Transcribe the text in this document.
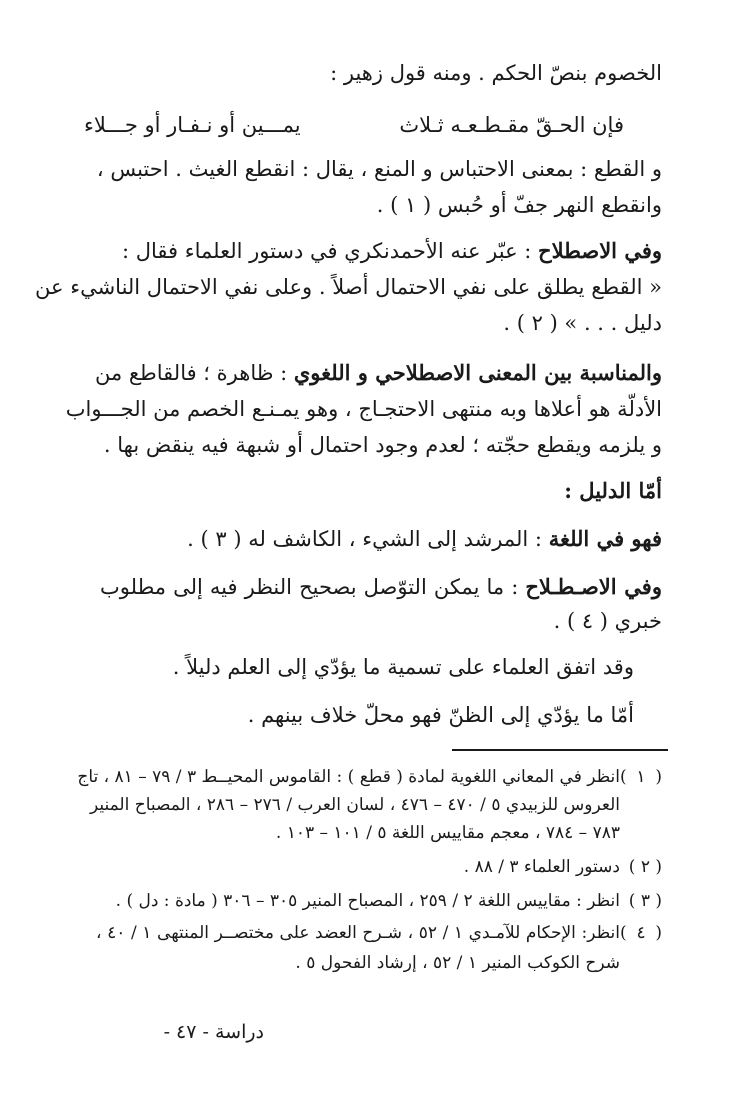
الخصوم بنصّ الحكم . ومنه قول زهير :
فإن الحـقّ مقـطـعـه ثـلاث
يمـــين أو نـفـار أو جـــلاء
و القطع : بمعنى الاحتباس و المنع ، يقال : انقطع الغيث . احتبس ،
وانقطع النهر جفّ أو حُبس ( ١ ) .
وفي الاصطلاح : عبّر عنه الأحمدنكري في دستور العلماء فقال :
« القطع يطلق على نفي الاحتمال أصلاً . وعلى نفي الاحتمال الناشيء عن
دليل . . . » ( ٢ ) .
والمناسبة بين المعنى الاصطلاحي و اللغوي : ظاهرة ؛ فالقاطع من
الأدلّة هو أعلاها وبه منتهى الاحتجـاج ، وهو يمـنـع الخصم من الجـــواب
و يلزمه ويقطع حجّته ؛ لعدم وجود احتمال أو شبهة فيه ينقض بها .
أمّا الدليل :
فهو في اللغة : المرشد إلى الشيء ، الكاشف له ( ٣ ) .
وفي الاصـطـلاح : ما يمكن التوّصل بصحيح النظر فيه إلى مطلوب
خبري ( ٤ ) .
وقد اتفق العلماء على تسمية ما يؤدّي إلى العلم دليلاً .
أمّا ما يؤدّي إلى الظنّ فهو محلّ خلاف بينهم .
( ١ )انظر في المعاني اللغوية لمادة ( قطع ) : القاموس المحيــط ٣ / ٧٩ – ٨١ ، تاج
العروس للزبيدي ٥ / ٤٧٠ – ٤٧٦ ، لسان العرب / ٢٧٦ – ٢٨٦ ، المصباح المنير
٧٨٣ – ٧٨٤ ، معجم مقاييس اللغة ٥ / ١٠١ – ١٠٣ .
( ٢ )دستور العلماء ٣ / ٨٨ .
( ٣ )انظر : مقاييس اللغة ٢ / ٢٥٩ ، المصباح المنير ٣٠٥ – ٣٠٦ ( مادة : دل ) .
( ٤ )انظر: الإحكام للآمـدي ١ / ٥٢ ، شـرح العضد على مختصــر المنتهى ١ / ٤٠ ،
شرح الكوكب المنير ١ / ٥٢ ، إرشاد الفحول ٥ .
دراسة - ٤٧ -
